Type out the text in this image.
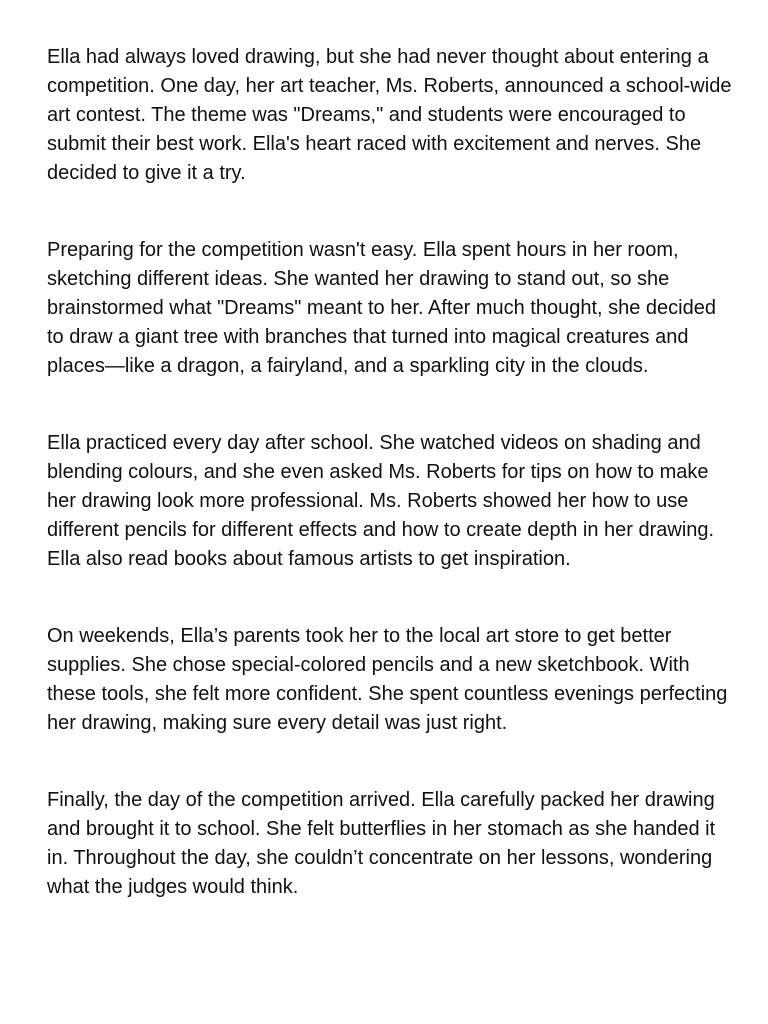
Ella had always loved drawing, but she had never thought about entering a competition. One day, her art teacher, Ms. Roberts, announced a school-wide art contest. The theme was "Dreams," and students were encouraged to submit their best work. Ella's heart raced with excitement and nerves. She decided to give it a try.

Preparing for the competition wasn't easy. Ella spent hours in her room, sketching different ideas. She wanted her drawing to stand out, so she brainstormed what "Dreams" meant to her. After much thought, she decided to draw a giant tree with branches that turned into magical creatures and places—like a dragon, a fairyland, and a sparkling city in the clouds.

Ella practiced every day after school. She watched videos on shading and blending colours, and she even asked Ms. Roberts for tips on how to make her drawing look more professional. Ms. Roberts showed her how to use different pencils for different effects and how to create depth in her drawing. Ella also read books about famous artists to get inspiration.

On weekends, Ella’s parents took her to the local art store to get better supplies. She chose special-colored pencils and a new sketchbook. With these tools, she felt more confident. She spent countless evenings perfecting her drawing, making sure every detail was just right.

Finally, the day of the competition arrived. Ella carefully packed her drawing and brought it to school. She felt butterflies in her stomach as she handed it in. Throughout the day, she couldn’t concentrate on her lessons, wondering what the judges would think.
